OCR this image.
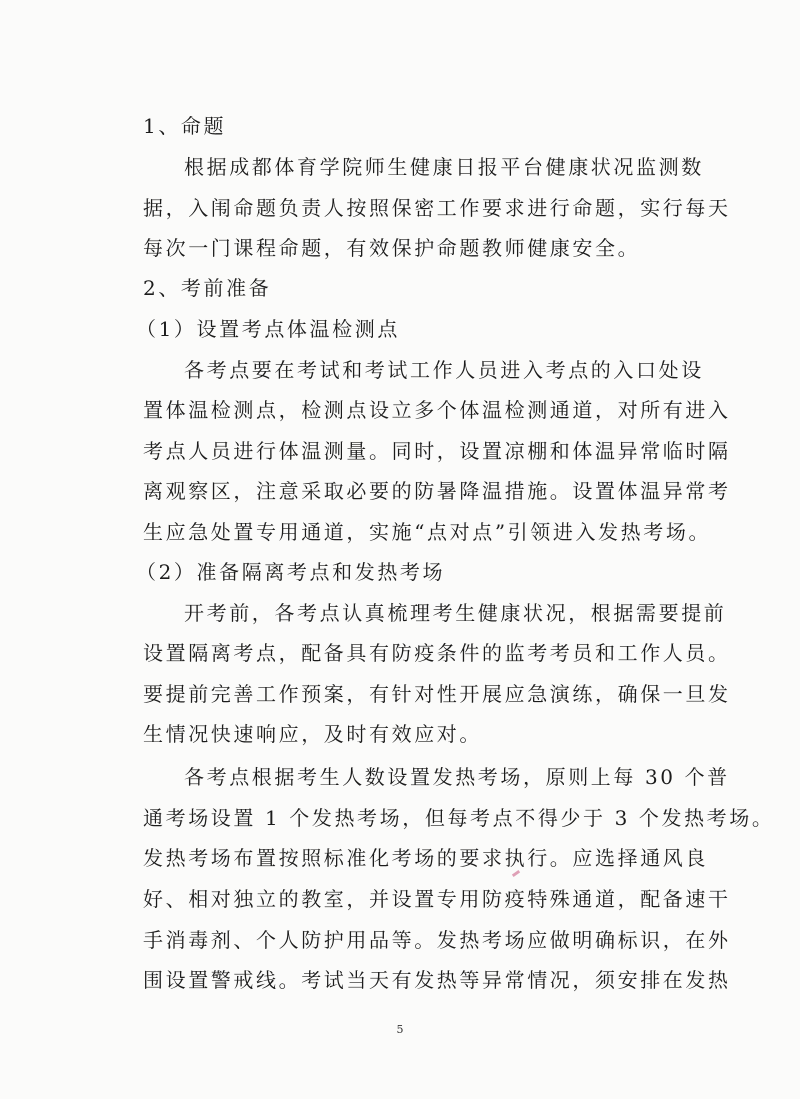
1、命题
根据成都体育学院师生健康日报平台健康状况监测数
据，入闱命题负责人按照保密工作要求进行命题，实行每天
每次一门课程命题，有效保护命题教师健康安全。
2、考前准备
（1）设置考点体温检测点
各考点要在考试和考试工作人员进入考点的入口处设
置体温检测点，检测点设立多个体温检测通道，对所有进入
考点人员进行体温测量。同时，设置凉棚和体温异常临时隔
离观察区，注意采取必要的防暑降温措施。设置体温异常考
生应急处置专用通道，实施“点对点”引领进入发热考场。
（2）准备隔离考点和发热考场
开考前，各考点认真梳理考生健康状况，根据需要提前
设置隔离考点，配备具有防疫条件的监考考员和工作人员。
要提前完善工作预案，有针对性开展应急演练，确保一旦发
生情况快速响应，及时有效应对。
各考点根据考生人数设置发热考场，原则上每 30 个普
通考场设置 1 个发热考场，但每考点不得少于 3 个发热考场。
发热考场布置按照标准化考场的要求执行。应选择通风良
好、相对独立的教室，并设置专用防疫特殊通道，配备速干
手消毒剂、个人防护用品等。发热考场应做明确标识，在外
围设置警戒线。考试当天有发热等异常情况，须安排在发热
5
